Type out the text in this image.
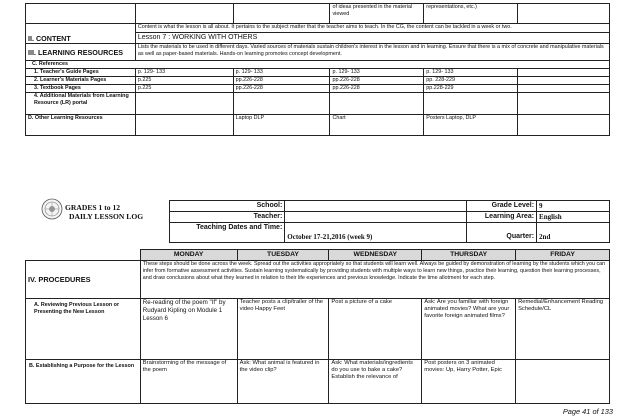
			of ideas presented in the material viewed	representations, etc.)	
II. CONTENT	Content is what the lesson is all about. It pertains to the subject matter that the teacher aims to teach. In the CG, the content can be tackled in a week or two.				
	Lesson 7 : WORKING WITH OTHERS				
III. LEARNING RESOURCES	Lists the materials to be used in different days. Varied sources of materials sustain children's interest in the lesson and in learning. Ensure that there is a mix of concrete and manipulative materials as well as paper-based materials. Hands-on learning promotes concept development.				
C. References					
1. Teacher's Guide Pages	p. 129- 133	p. 129- 133	p. 129- 133	p. 129- 133	
2. Learner's Materials Pages	p.225	pp.226-228	pp.226-228	pp. 228-229	
3. Textbook Pages	p.225	pp.226-228	pp.226-228	pp.228-229	
4. Additional Materials from Learning Resource (LR) portal					
D. Other Learning Resources		Laptop DLP	Chart	Posters Laptop, DLP	
GRADES 1 to 12
DAILY LESSON LOG	School:		Grade Level:	9
	Teacher:		Learning Area:	English
	Teaching Dates and Time:	October 17-21,2016 (week 9)	Quarter:	2nd
	MONDAY	TUESDAY	WEDNESDAY	THURSDAY	FRIDAY
IV. PROCEDURES	These steps should be done across the week. Spread out the activities appropriately so that students will learn well. Always be guided by demonstration of learning by the students which you can infer from formative assessment activities. Sustain learning systematically by providing students with multiple ways to learn new things, practice their learning, question their learning processes, and draw conclusions about what they learned in relation to their life experiences and previous knowledge. Indicate the time allotment for each step.				
A. Reviewing Previous Lesson or Presenting the New Lesson	Re-reading of the poem "If" by Rudyard Kipling on Module 1 Lesson 6	Teacher posts a clip/trailer of the video Happy Feet	Post a picture of a cake	Ask: Are you familiar with foreign animated movies? What are your favorite foreign animated films?	Remedial/Enhancement Reading Schedule/CL
B. Establishing a Purpose for the Lesson	Brainstorming of the message of the poem	Ask: What animal is featured in the video clip?	Ask: What materials/ingredients do you use to bake a cake? Establish the relevance of	Post posters on 3 animated movies: Up, Harry Potter, Epic	
Page 41 of 133
